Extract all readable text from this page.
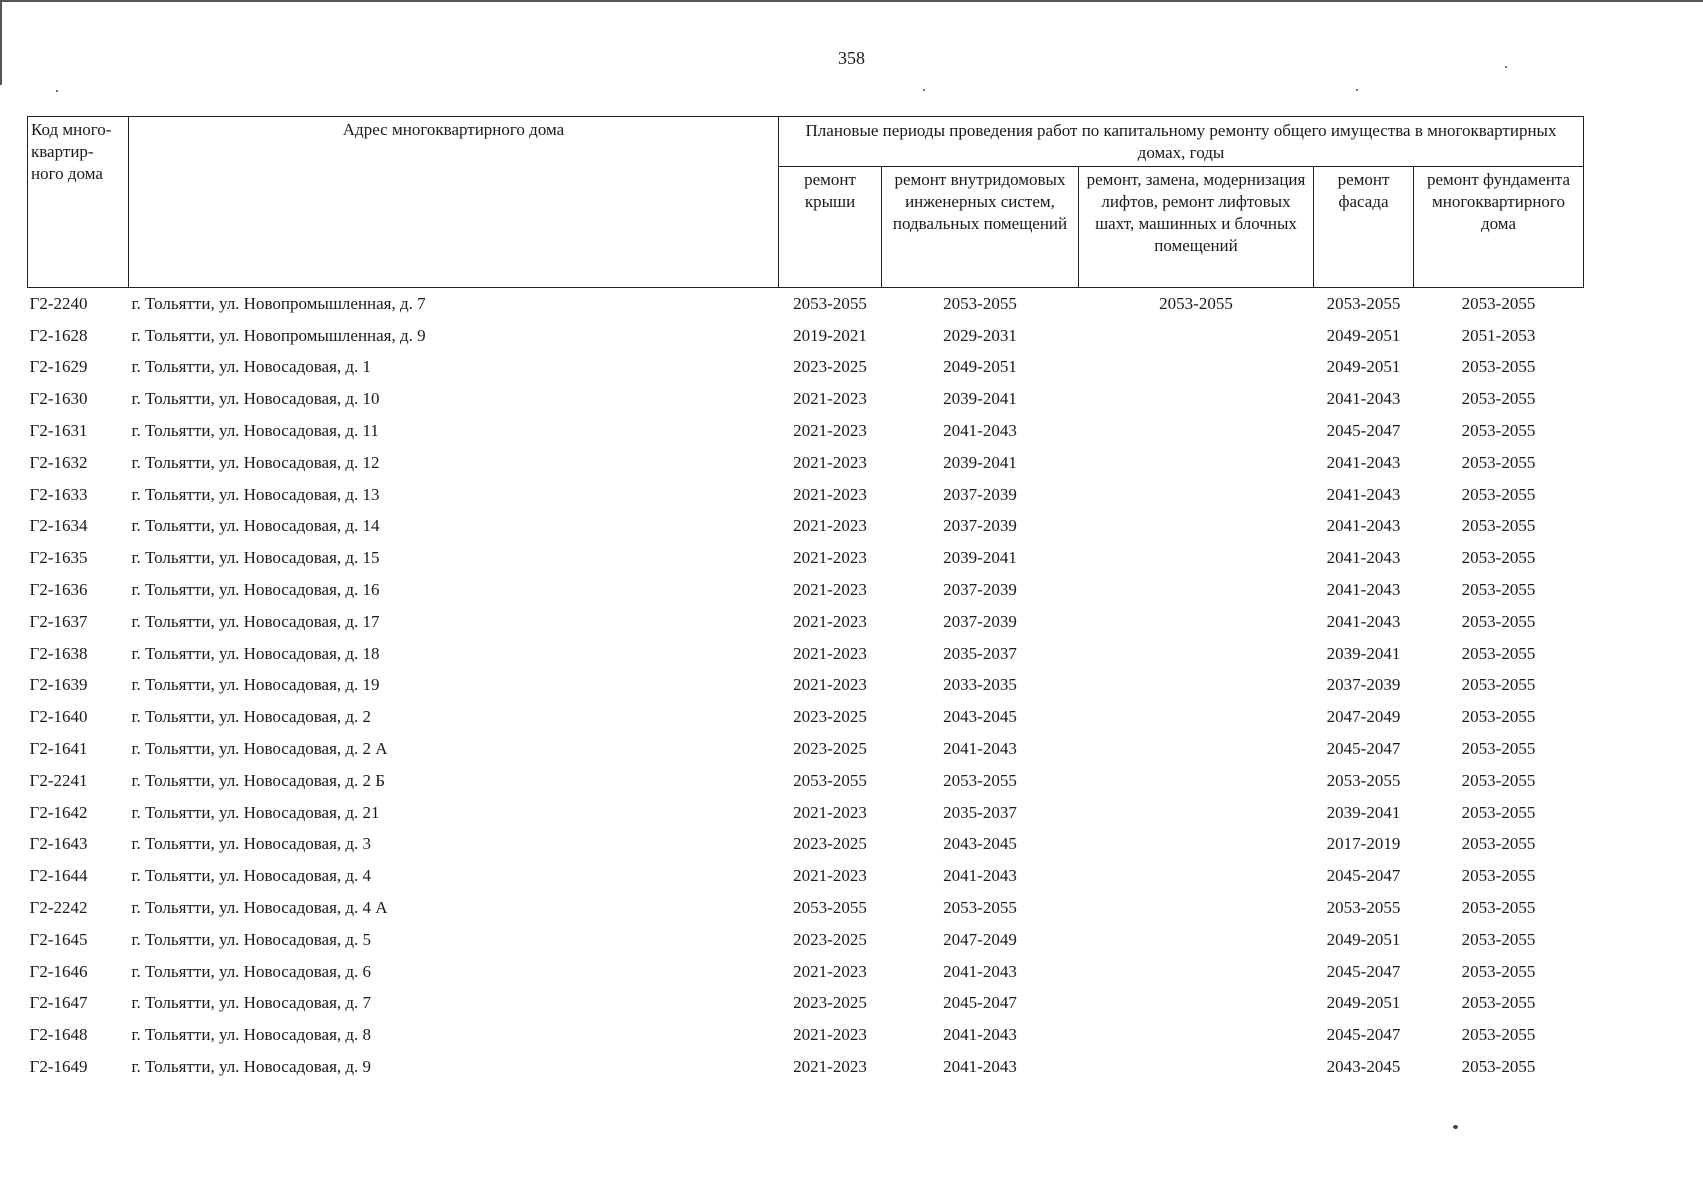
358
Код много-квартир-ного дома	Адрес многоквартирного дома	Плановые периоды проведения работ по капитальному ремонту общего имущества в многоквартирных домах, годы				
		ремонт крыши	ремонт внутридомовых инженерных систем, подвальных помещений	ремонт, замена, модернизация лифтов, ремонт лифтовых шахт, машинных и блочных помещений	ремонт фасада	ремонт фундамента многоквартирного дома
Г2-2240	г. Тольятти, ул. Новопромышленная, д. 7	2053-2055	2053-2055	2053-2055	2053-2055	2053-2055
Г2-1628	г. Тольятти, ул. Новопромышленная, д. 9	2019-2021	2029-2031		2049-2051	2051-2053
Г2-1629	г. Тольятти, ул. Новосадовая, д. 1	2023-2025	2049-2051		2049-2051	2053-2055
Г2-1630	г. Тольятти, ул. Новосадовая, д. 10	2021-2023	2039-2041		2041-2043	2053-2055
Г2-1631	г. Тольятти, ул. Новосадовая, д. 11	2021-2023	2041-2043		2045-2047	2053-2055
Г2-1632	г. Тольятти, ул. Новосадовая, д. 12	2021-2023	2039-2041		2041-2043	2053-2055
Г2-1633	г. Тольятти, ул. Новосадовая, д. 13	2021-2023	2037-2039		2041-2043	2053-2055
Г2-1634	г. Тольятти, ул. Новосадовая, д. 14	2021-2023	2037-2039		2041-2043	2053-2055
Г2-1635	г. Тольятти, ул. Новосадовая, д. 15	2021-2023	2039-2041		2041-2043	2053-2055
Г2-1636	г. Тольятти, ул. Новосадовая, д. 16	2021-2023	2037-2039		2041-2043	2053-2055
Г2-1637	г. Тольятти, ул. Новосадовая, д. 17	2021-2023	2037-2039		2041-2043	2053-2055
Г2-1638	г. Тольятти, ул. Новосадовая, д. 18	2021-2023	2035-2037		2039-2041	2053-2055
Г2-1639	г. Тольятти, ул. Новосадовая, д. 19	2021-2023	2033-2035		2037-2039	2053-2055
Г2-1640	г. Тольятти, ул. Новосадовая, д. 2	2023-2025	2043-2045		2047-2049	2053-2055
Г2-1641	г. Тольятти, ул. Новосадовая, д. 2 А	2023-2025	2041-2043		2045-2047	2053-2055
Г2-2241	г. Тольятти, ул. Новосадовая, д. 2 Б	2053-2055	2053-2055		2053-2055	2053-2055
Г2-1642	г. Тольятти, ул. Новосадовая, д. 21	2021-2023	2035-2037		2039-2041	2053-2055
Г2-1643	г. Тольятти, ул. Новосадовая, д. 3	2023-2025	2043-2045		2017-2019	2053-2055
Г2-1644	г. Тольятти, ул. Новосадовая, д. 4	2021-2023	2041-2043		2045-2047	2053-2055
Г2-2242	г. Тольятти, ул. Новосадовая, д. 4 А	2053-2055	2053-2055		2053-2055	2053-2055
Г2-1645	г. Тольятти, ул. Новосадовая, д. 5	2023-2025	2047-2049		2049-2051	2053-2055
Г2-1646	г. Тольятти, ул. Новосадовая, д. 6	2021-2023	2041-2043		2045-2047	2053-2055
Г2-1647	г. Тольятти, ул. Новосадовая, д. 7	2023-2025	2045-2047		2049-2051	2053-2055
Г2-1648	г. Тольятти, ул. Новосадовая, д. 8	2021-2023	2041-2043		2045-2047	2053-2055
Г2-1649	г. Тольятти, ул. Новосадовая, д. 9	2021-2023	2041-2043		2043-2045	2053-2055
